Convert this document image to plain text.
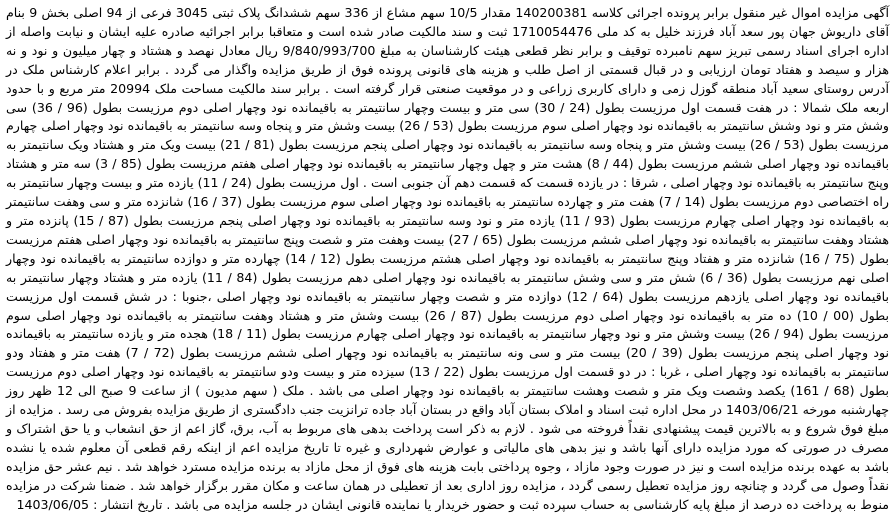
آگهی مزایده اموال غیر منقول برابر پرونده اجرائی کلاسه 140200381 مقدار 10/5 سهم مشاع از 336 سهم ششدانگ پلاک ثبتی 3045 فرعی از 94 اصلی بخش 9 بنام آقای داریوش جهان پور سعد آباد فرزند خلیل به کد ملی 1710054476 ثبت و سند مالکیت صادر شده است و متعاقبا برابر اجرائیه صادره علیه ایشان و نیابت واصله از اداره اجرای اسناد رسمی تبریز سهم نامبرده توقیف و برابر نظر قطعی هیئت کارشناسان به مبلغ 9/840/993/700 ریال معادل نهصد و هشتاد و چهار میلیون و نود و نه هزار و سیصد و هفتاد تومان ارزیابی و در قبال قسمتی از اصل طلب و هزینه های قانونی پرونده فوق از طریق مزایده واگذار می گردد . برابر اعلام کارشناس ملک در آدرس روستای سعید آباد منطقه گوزل زمی و دارای کاربری زراعی و در موقعیت صنعتی قرار گرفته است . برابر سند مالکیت مساحت ملک 20994 متر مربع و با حدود اربعه ملک شمالا : در هفت قسمت اول مرزیست بطول (24 / 30) سی متر و بیست وچهار سانتیمتر به باقیمانده نود وچهار اصلی دوم مرزیست بطول (96 / 36) سی وشش متر و نود وشش سانتیمتر به باقیمانده نود وچهار اصلی سوم مرزیست بطول (53 / 26) بیست وشش متر و پنجاه وسه سانتیمتر به باقیمانده نود وچهار اصلی چهارم مرزیست بطول (53 / 26) بیست وشش متر و پنجاه وسه سانتیمتر به باقیمانده نود وچهار اصلی پنجم مرزیست بطول (81 / 21) بیست ویک متر و هشتاد ویک سانتیمتر به باقیمانده نود وچهار اصلی ششم مرزیست بطول (44 / 8) هشت متر و چهل وچهار سانتیمتر به باقیمانده نود وچهار اصلی هفتم مرزیست بطول (85 / 3) سه متر و هشتاد وپنج سانتیمتر به باقیمانده نود وچهار اصلی ، شرقا : در یازده قسمت که قسمت دهم آن جنوبی است . اول مرزیست بطول (24 / 11) یازده متر و بیست وچهار سانتیمتر به راه اختصاصی دوم مرزیست بطول (14 / 7) هفت متر و چهارده سانتیمتر به باقیمانده نود وچهار اصلی سوم مرزیست بطول (37 / 16) شانزده متر و سی وهفت سانتیمتر به باقیمانده نود وچهار اصلی چهارم مرزیست بطول (93 / 11) یازده متر و نود وسه سانتیمتر به باقیمانده نود وچهار اصلی پنجم مرزیست بطول (87 / 15) پانزده متر و هشتاد وهفت سانتیمتر به باقیمانده نود وچهار اصلی ششم مرزیست بطول (65 / 27) بیست وهفت متر و شصت وپنج سانتیمتر به باقیمانده نود وچهار اصلی هفتم مرزیست بطول (75 / 16) شانزده متر و هفتاد وپنج سانتیمتر به باقیمانده نود وچهار اصلی هشتم مرزیست بطول (12 / 14) چهارده متر و دوازده سانتیمتر به باقیمانده نود وچهار اصلی نهم مرزیست بطول (36 / 6) شش متر و سی وشش سانتیمتر به باقیمانده نود وچهار اصلی دهم مرزیست بطول (84 / 11) یازده متر و هشتاد وچهار سانتیمتر به باقیمانده نود وچهار اصلی یازدهم مرزیست بطول (64 / 12) دوازده متر و شصت وچهار سانتیمتر به باقیمانده نود وچهار اصلی ،جنوبا : در شش قسمت اول مرزیست بطول (00 / 10) ده متر به باقیمانده نود وچهار اصلی دوم مرزیست بطول (87 / 26) بیست وشش متر و هشتاد وهفت سانتیمتر به باقیمانده نود وچهار اصلی سوم مرزیست بطول (94 / 26) بیست وشش متر و نود وچهار سانتیمتر به باقیمانده نود وچهار اصلی چهارم مرزیست بطول (11 / 18) هجده متر و یازده سانتیمتر به باقیمانده نود وچهار اصلی پنجم مرزیست بطول (39 / 20) بیست متر و سی ونه سانتیمتر به باقیمانده نود وچهار اصلی ششم مرزیست بطول (72 / 7) هفت متر و هفتاد ودو سانتیمتر به باقیمانده نود وچهار اصلی ، غربا : در دو قسمت اول مرزیست بطول (22 / 13) سیزده متر و بیست ودو سانتیمتر به باقیمانده نود وچهار اصلی دوم مرزیست بطول (68 / 161) یکصد وشصت ویک متر و شصت وهشت سانتیمتر به باقیمانده نود وچهار اصلی می باشد . ملک ( سهم مدیون ) از ساعت 9 صبح الی 12 ظهر روز چهارشنبه مورخه 1403/06/21 در محل اداره ثبت اسناد و املاک بستان آباد واقع در بستان آباد جاده ترانزیت جنب دادگستری از طریق مزایده بفروش می رسد . مزایده از مبلغ فوق شروع و به بالاترین قیمت پیشنهادی نقداً فروخته می شود . لازم به ذکر است پرداخت بدهی های مربوط به آب، برق، گاز اعم از حق انشعاب و یا حق اشتراک و مصرف در صورتی که مورد مزایده دارای آنها باشد و نیز بدهی های مالیاتی و عوارض شهرداری و غیره تا تاریخ مزایده اعم از اینکه رقم قطعی آن معلوم شده یا نشده باشد به عهده برنده مزایده است و نیز در صورت وجود مازاد ، وجوه پرداختی بابت هزینه های فوق از محل مازاد به برنده مزایده مسترد خواهد شد . نیم عشر حق مزایده نقداً وصول می گردد و چنانچه روز مزایده تعطیل رسمی گردد ، مزایده روز اداری بعد از تعطیلی در همان ساعت و مکان مقرر برگزار خواهد شد . ضمنا شرکت در مزایده منوط به پرداخت ده درصد از مبلغ پایه کارشناسی به حساب سپرده ثبت و حضور خریدار یا نماینده قانونی ایشان در جلسه مزایده می باشد . تاریخ انتشار : 1403/06/05
